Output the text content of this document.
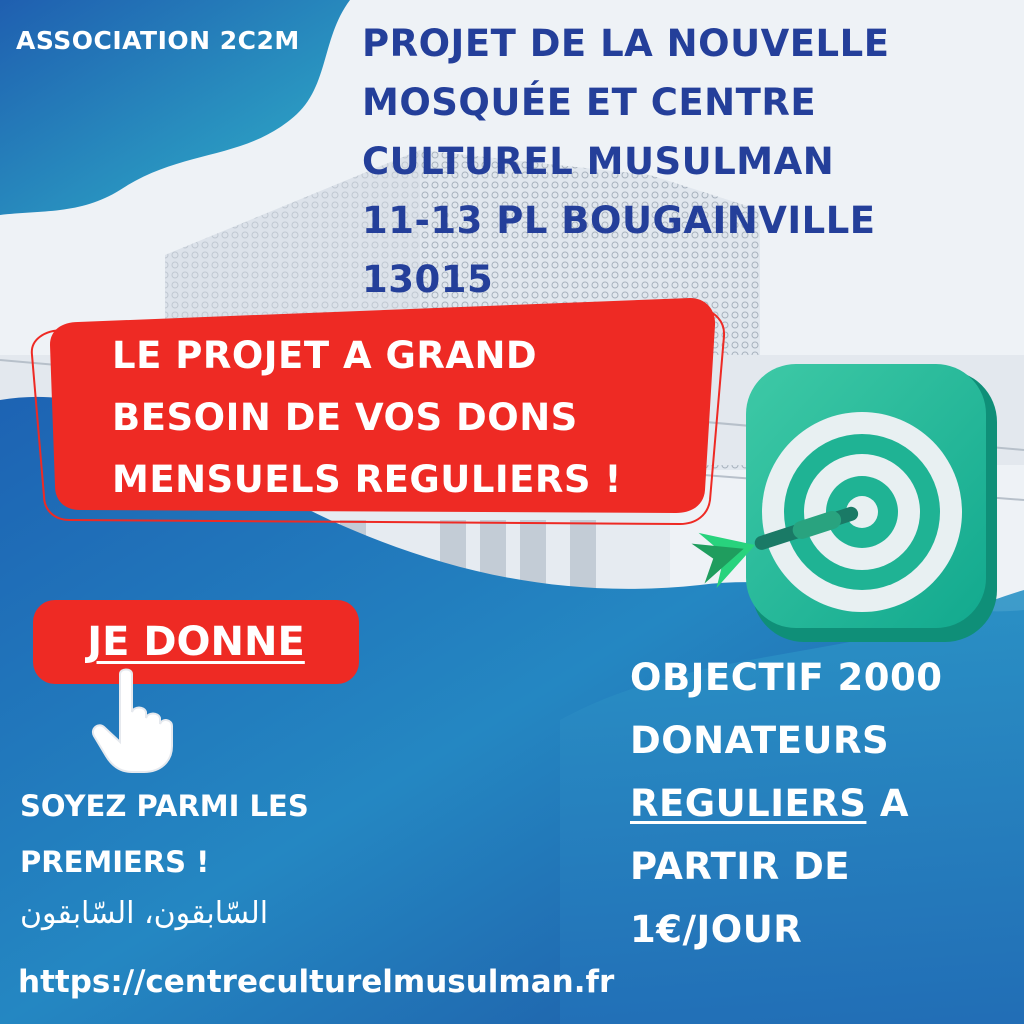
ASSOCIATION 2C2M PROJET DE LA NOUVELLE
MOSQUÉE ET CENTRE
CULTUREL MUSULMAN
11-13 PL BOUGAINVILLE
13015
LE PROJET A GRAND
BESOIN DE VOS DONS
MENSUELS REGULIERS !
JE DONNE
SOYEZ PARMI LES
PREMIERS !
السّابقون، السّابقون
https://centreculturelmusulman.fr
OBJECTIF 2000
DONATEURS
REGULIERS A
PARTIR DE
1€/JOUR
